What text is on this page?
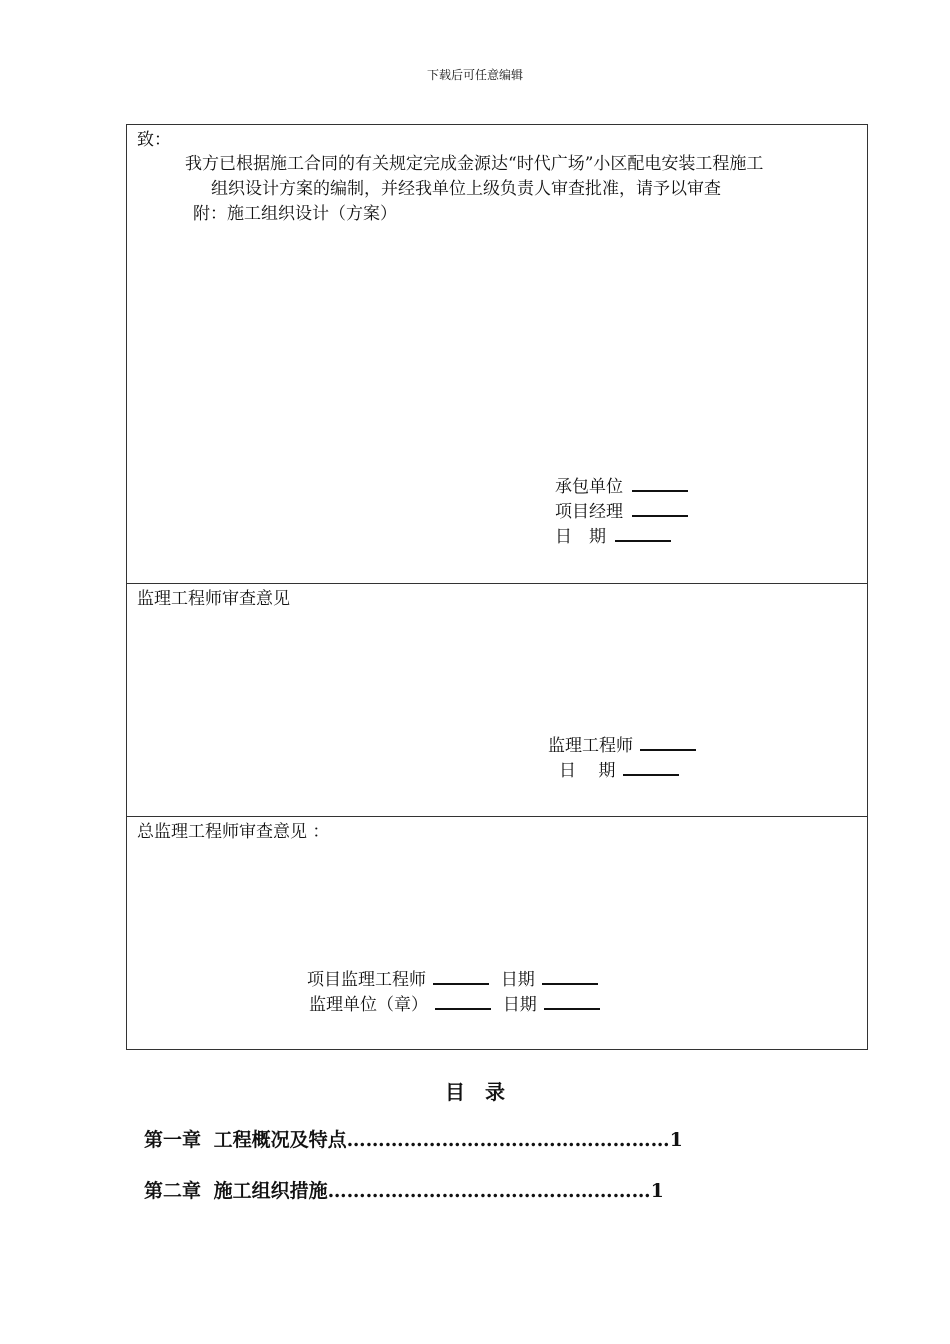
下载后可任意编辑
致：
我方已根据施工合同的有关规定完成金源达“时代广场”小区配电安装工程施工
组织设计方案的编制，并经我单位上级负责人审查批准，请予以审查
附：施工组织设计（方案）
承包单位
项目经理
日　期
监理工程师审查意见
监理工程师
日　 期
总监理工程师审查意见 ：
项目监理工程师	日期
监理单位（章）	日期
目　录
第一章 工程概况及特点……………………………………………1
第二章 施工组织措施……………………………………………1
